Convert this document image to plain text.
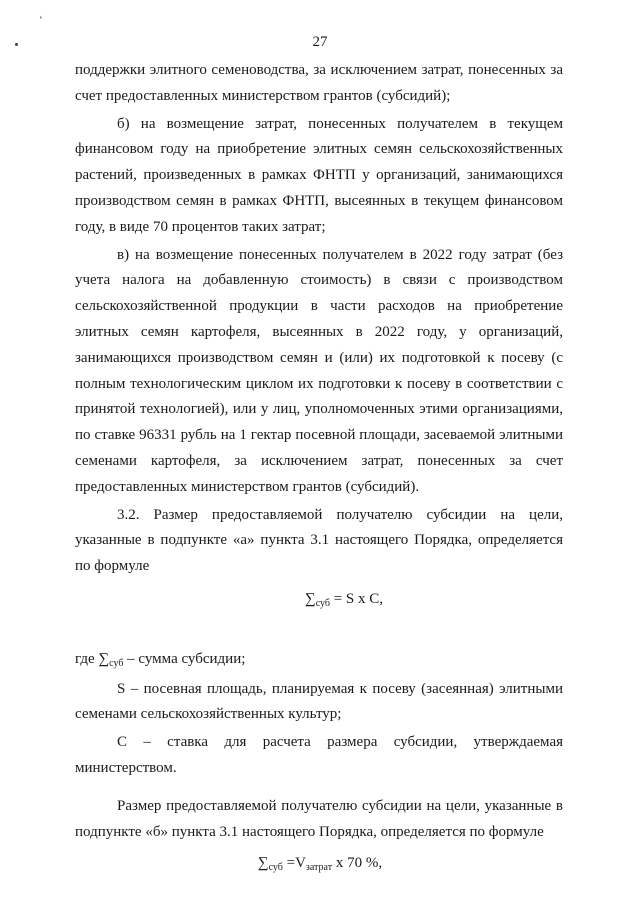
ʻ
27

поддержки элитного семеноводства, за исключением затрат, понесенных за счет предоставленных министерством грантов (субсидий);

б) на возмещение затрат, понесенных получателем в текущем финансовом году на приобретение элитных семян сельскохозяйственных растений, произведенных в рамках ФНТП у организаций, занимающихся производством семян в рамках ФНТП, высеянных в текущем финансовом году, в виде 70 процентов таких затрат;

в) на возмещение понесенных получателем в 2022 году затрат (без учета налога на добавленную стоимость) в связи с производством сельскохозяйственной продукции в части расходов на приобретение элитных семян картофеля, высеянных в 2022 году, у организаций, занимающихся производством семян и (или) их подготовкой к посеву (с полным технологическим циклом их подготовки к посеву в соответствии с принятой технологией), или у лиц, уполномоченных этими организациями, по ставке 96331 рубль на 1 гектар посевной площади, засеваемой элитными семенами картофеля, за исключением затрат, понесенных за счет предоставленных министерством грантов (субсидий).

3.2. Размер предоставляемой получателю субсидии на цели, указанные в подпункте «а» пункта 3.1 настоящего Порядка, определяется по формуле

$\sum_{суб} = S$ x C,

где $\sum_{суб}$ – сумма субсидии;

S – посевная площадь, планируемая к посеву (засеянная) элитными семенами сельскохозяйственных культур;

С – ставка для расчета размера субсидии, утверждаемая

министерством.

Размер предоставляемой получателю субсидии на цели, указанные в подпункте «б» пункта 3.1 настоящего Порядка, определяется по формуле

$\sum_{суб} =V_{затрат}$ x 70 %,
